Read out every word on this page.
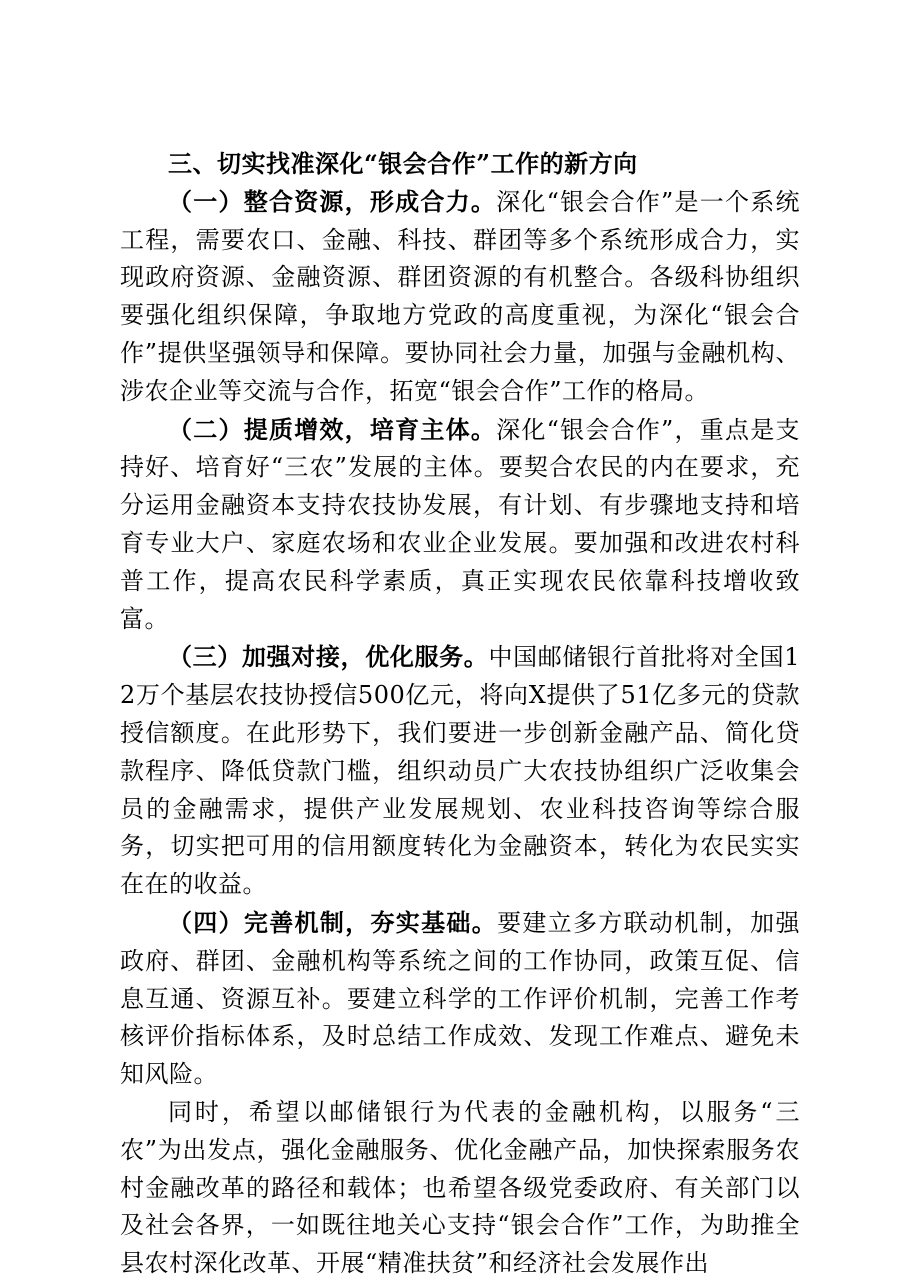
三、切实找准深化“银会合作”工作的新方向

（一）整合资源，形成合力。深化“银会合作”是一个系统工程，需要农口、金融、科技、群团等多个系统形成合力，实现政府资源、金融资源、群团资源的有机整合。各级科协组织要强化组织保障，争取地方党政的高度重视，为深化“银会合作”提供坚强领导和保障。要协同社会力量，加强与金融机构、涉农企业等交流与合作，拓宽“银会合作”工作的格局。

（二）提质增效，培育主体。深化“银会合作”，重点是支持好、培育好“三农”发展的主体。要契合农民的内在要求，充分运用金融资本支持农技协发展，有计划、有步骤地支持和培育专业大户、家庭农场和农业企业发展。要加强和改进农村科普工作，提高农民科学素质，真正实现农民依靠科技增收致富。

（三）加强对接，优化服务。中国邮储银行首批将对全国12万个基层农技协授信500亿元，将向X提供了51亿多元的贷款授信额度。在此形势下，我们要进一步创新金融产品、简化贷款程序、降低贷款门槛，组织动员广大农技协组织广泛收集会员的金融需求，提供产业发展规划、农业科技咨询等综合服务，切实把可用的信用额度转化为金融资本，转化为农民实实在在的收益。

（四）完善机制，夯实基础。要建立多方联动机制，加强政府、群团、金融机构等系统之间的工作协同，政策互促、信息互通、资源互补。要建立科学的工作评价机制，完善工作考核评价指标体系，及时总结工作成效、发现工作难点、避免未知风险。

同时，希望以邮储银行为代表的金融机构，以服务“三农”为出发点，强化金融服务、优化金融产品，加快探索服务农村金融改革的路径和载体；也希望各级党委政府、有关部门以及社会各界，一如既往地关心支持“银会合作”工作，为助推全县农村深化改革、开展“精准扶贫”和经济社会发展作出
